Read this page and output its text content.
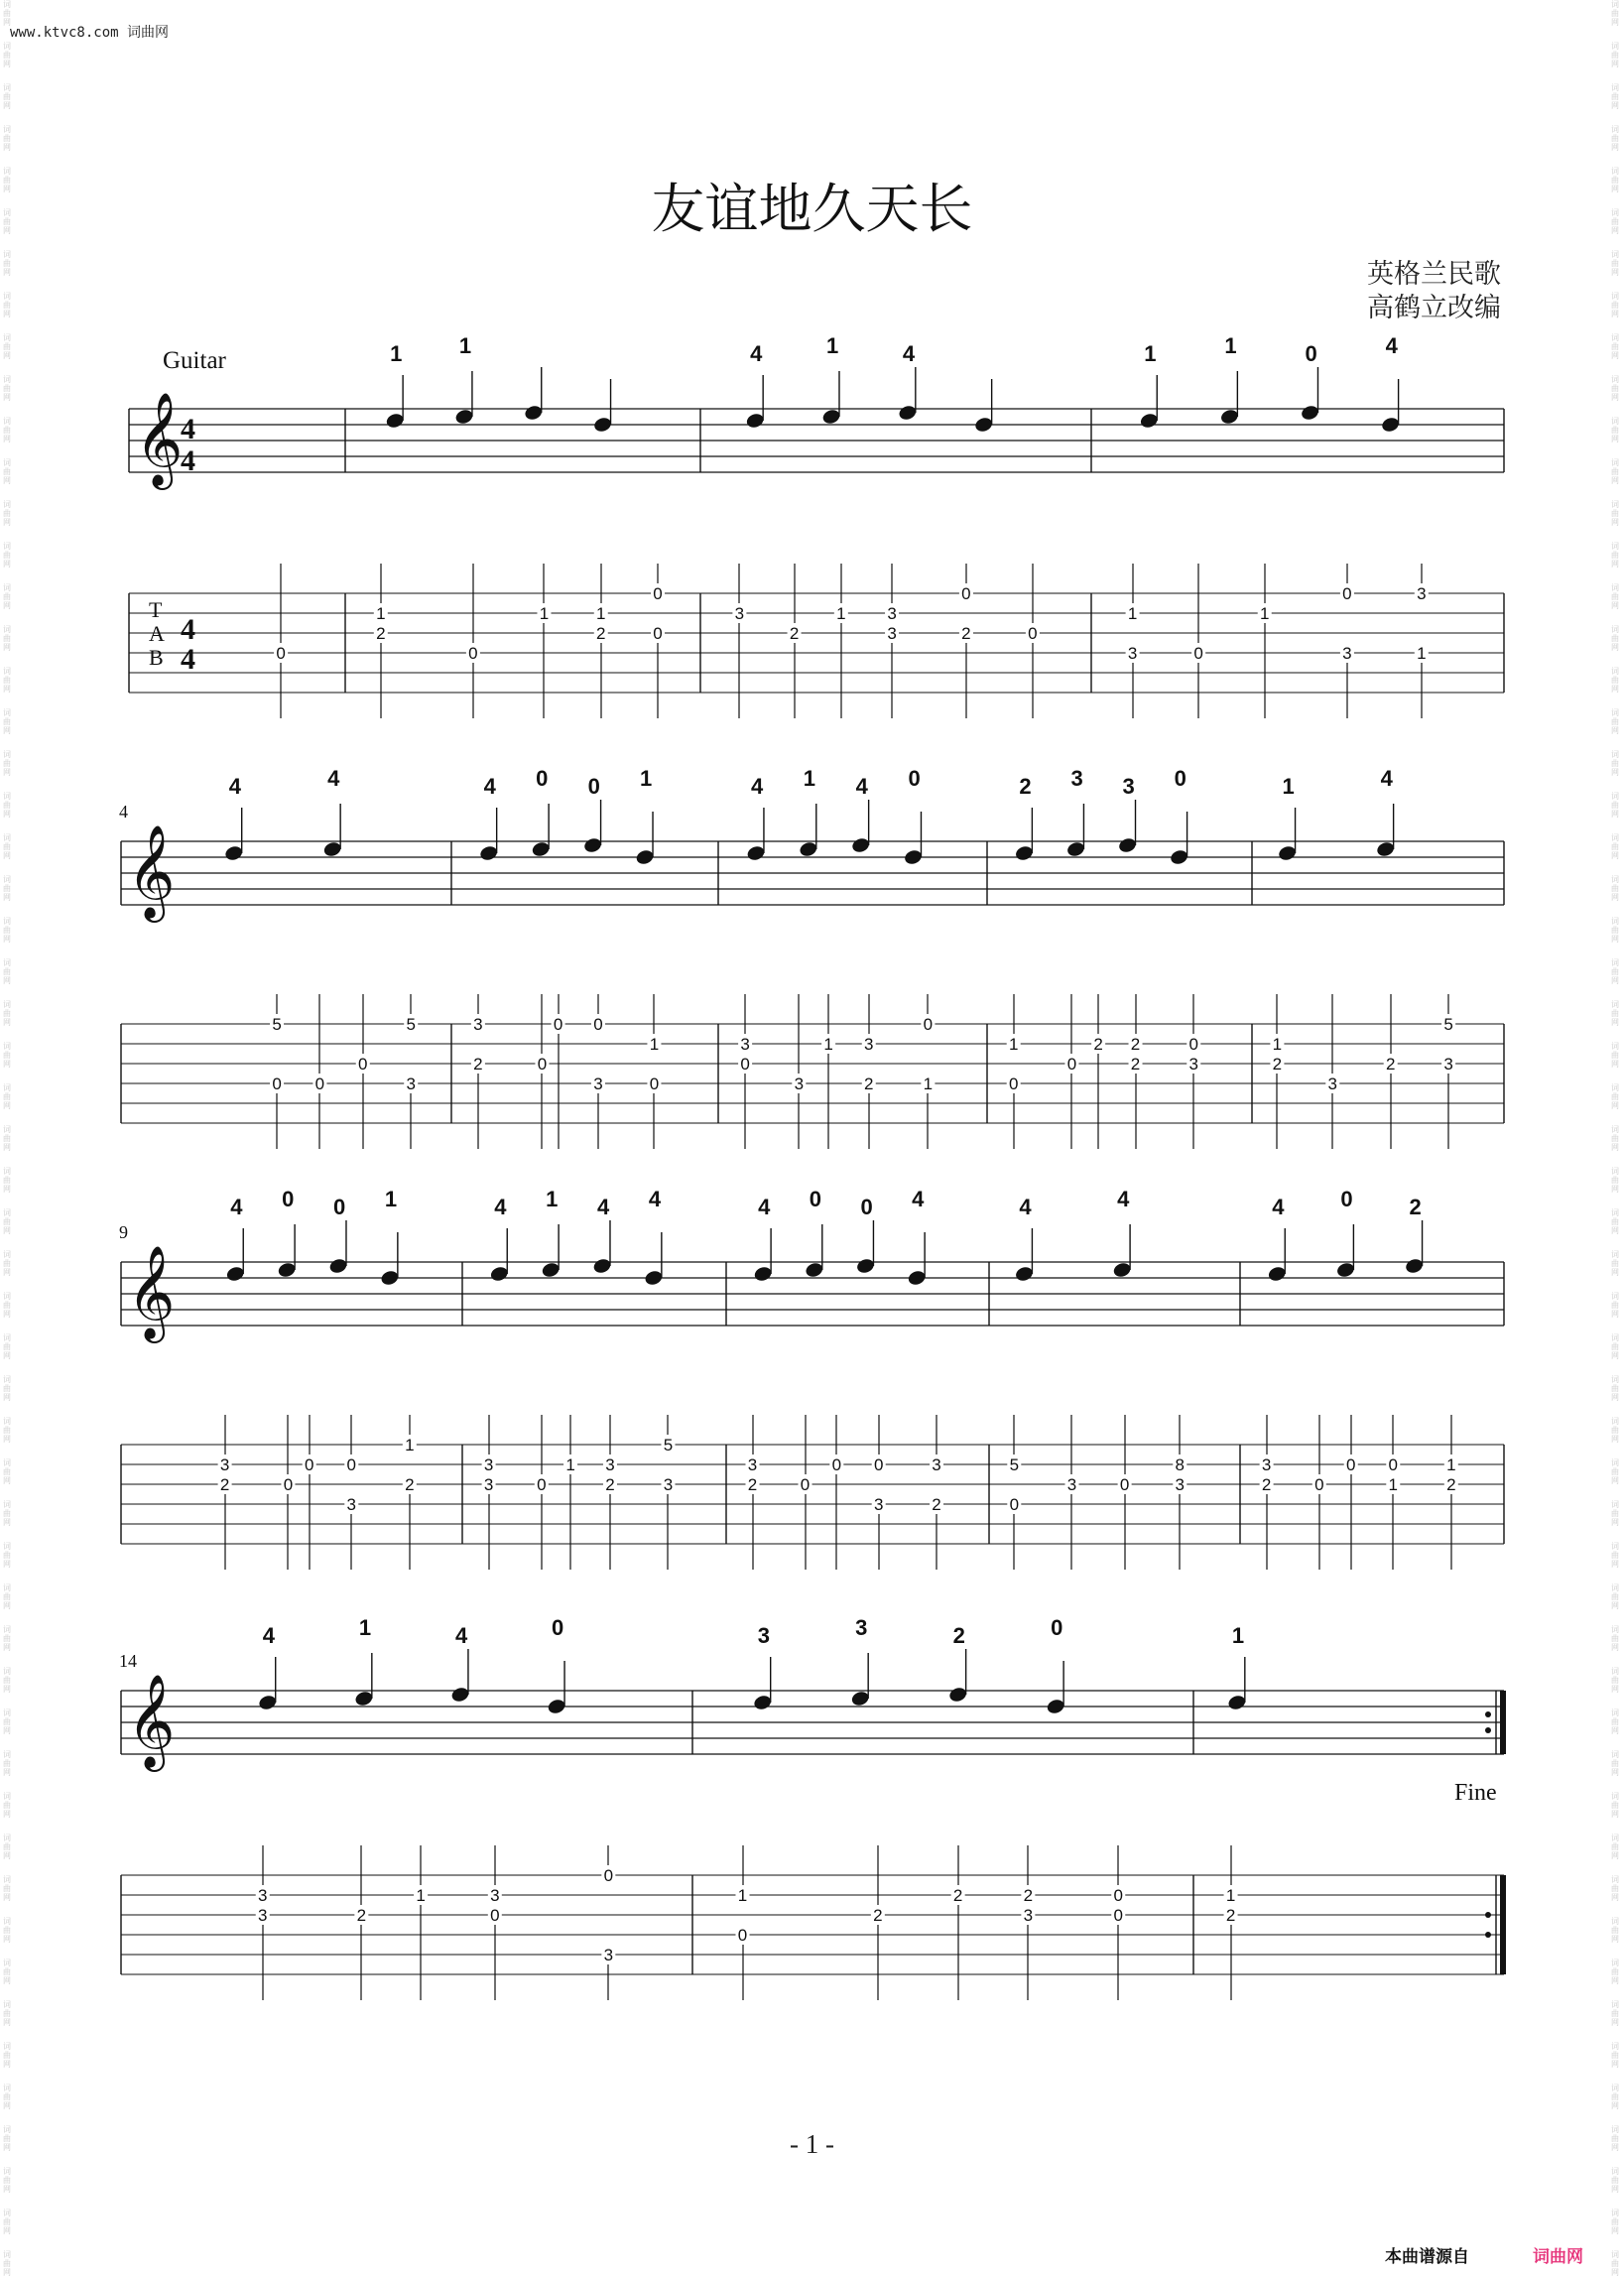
www.ktvc8.com 词曲网
友谊地久天长
英格兰民歌
高鹤立改编
Guitar
𝄞
4
4
T
A
B
4
4	0
1	1
1
2
0
1	1
2
0
0
4	1	4
3
2
1 3
3
0
2	0
1	1	0	4
1
3	0
1
0
3
3
1
𝄞
4
4	4
5
0 0
0
5
3
4 0 0 1
3
2	0
0 0
3
1
0
4 1 4 0
3
0
3
1 3
2
0
1
2 3 3 0
1
0
0
2 2
2
0
3
1	4
1
2
3
2
5
3
𝄞
9
4 0 0 1
3
2	0
0 0
3
2
1
4 1 4 4
3
3	0
1 3
2
5
3
4 0 0 4
3
2	0
0 0
3
3
2
4	4
5
0
3	0
8
3
4	0	2
3
2	0
0 0
1
1
2
𝄞
14
Fine
4	1	4	0
3
3	2
1	3
0
0
3
3	3	2	0
1
0
2
2	2
3
0
0
1
1
2
- 1 -
本曲谱源自	词曲网
词曲网
词曲网
词曲网
词曲网
词曲网
词曲网
词曲网
词曲网
词曲网
词曲网
词曲网
词曲网
词曲网
词曲网
词曲网
词曲网
词曲网
词曲网
词曲网
词曲网
词曲网
词曲网
词曲网
词曲网
词曲网
词曲网
词曲网
词曲网
词曲网
词曲网
词曲网
词曲网
词曲网
词曲网
词曲网
词曲网
词曲网
词曲网
词曲网
词曲网
词曲网
词曲网
词曲网
词曲网
词曲网
词曲网
词曲网
词曲网
词曲网
词曲网
词曲网
词曲网
词曲网
词曲网
词曲网
词曲网
词曲网
词曲网
词曲网
词曲网
词曲网
词曲网
词曲网
词曲网
词曲网
词曲网
词曲网
词曲网
词曲网
词曲网
词曲网
词曲网
词曲网
词曲网
词曲网
词曲网
词曲网
词曲网
词曲网
词曲网
词曲网
词曲网
词曲网
词曲网
词曲网
词曲网
词曲网
词曲网
词曲网
词曲网
词曲网
词曲网
词曲网
词曲网
词曲网
词曲网
词曲网
词曲网
词曲网
词曲网
词曲网
词曲网
词曲网
词曲网
词曲网
词曲网
词曲网
词曲网
词曲网
词曲网
